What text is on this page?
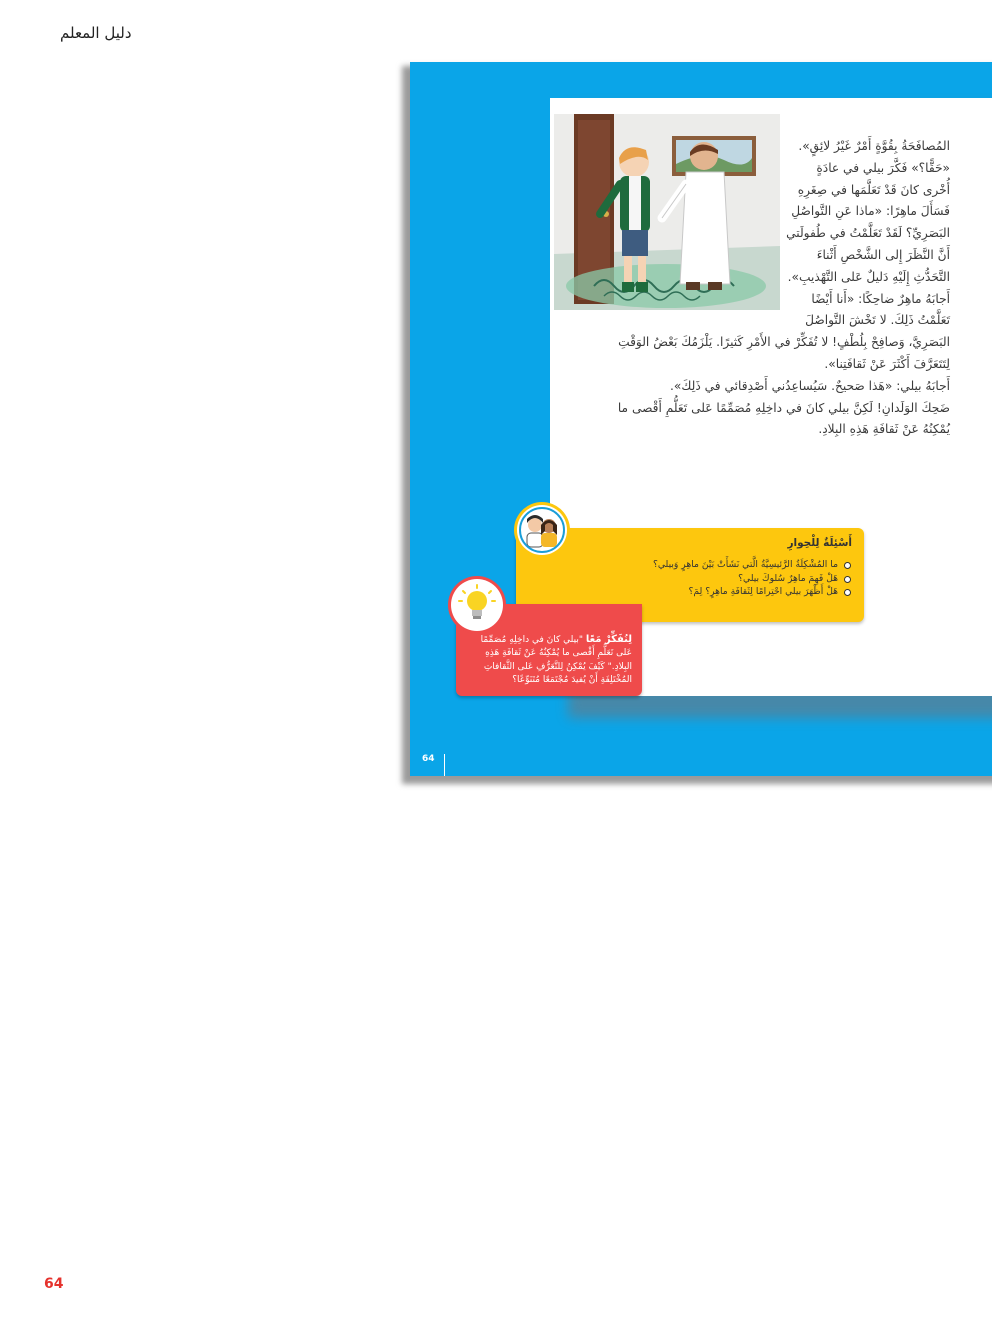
دليل المعلم

المُصافَحَةُ بِقُوَّةٍ أَمْرٌ غَيْرُ لائِقٍ».

«حَقًّا؟» فَكَّرَ بيلي في عادَةٍ

أُخْرى كانَ قَدْ تَعَلَّمَها في صِغَرِهِ

فَسَأَلَ ماهِرًا: «ماذا عَنِ التَّواصُلِ

البَصَرِيِّ؟ لَقَدْ تَعَلَّمْتُ في طُفولَتي

أَنَّ النَّظَرَ إِلى الشَّخْصِ أَثْناءَ

التَّحَدُّثِ إِلَيْهِ دَليلٌ عَلى التَّهْذيبِ».

أَجابَهُ ماهِرٌ ضاحِكًا: «أَنا أَيْضًا

تَعَلَّمْتُ ذَلِكَ. لا تَخْشَ التَّواصُلَ

البَصَرِيَّ، وَصافِحْ بِلُطْفٍ! لا تُفَكِّرْ في الأَمْرِ كَثيرًا. يَلْزَمُكَ بَعْضُ الوَقْتِ

لِتَتَعَرَّفَ أَكْثَرَ عَنْ ثَقافَتِنا».

أَجابَهُ بيلي: «هَذا صَحيحٌ. سَيُساعِدُني أَصْدِقائي في ذَلِكَ».

ضَحِكَ الوَلَدانِ! لَكِنَّ بيلي كانَ في داخِلِهِ مُصَمِّمًا عَلى تَعَلُّمِ أَقْصى ما

يُمْكِنُهُ عَنْ ثَقافَةِ هَذِهِ البِلادِ.

أَسْئِلَةٌ لِلْحِوارِ
ما المُشْكِلَةُ الرَّئيسِيَّةُ الَّتي نَشَأَتْ بَيْنَ ماهِرٍ وَبيلي؟
هَلْ فَهِمَ ماهِرٌ سُلوكَ بيلي؟
هَلْ أَظْهَرَ بيلي احْتِرامًا لِثَقافَةِ ماهِرٍ؟ لِمَ؟
لِنُفَكِّرْ مَعًا "بيلي كانَ في داخِلِهِ مُصَمِّمًا عَلى تَعَلُّمِ أَقْصى ما يُمْكِنُهُ عَنْ ثَقافَةِ هَذِهِ البِلادِ." كَيْفَ يُمْكِنُ لِلتَّعَرُّفِ عَلى الثَّقافاتِ المُخْتَلِفَةِ أَنْ يُفيدَ مُجْتَمَعًا مُتَنَوِّعًا؟
64
64
